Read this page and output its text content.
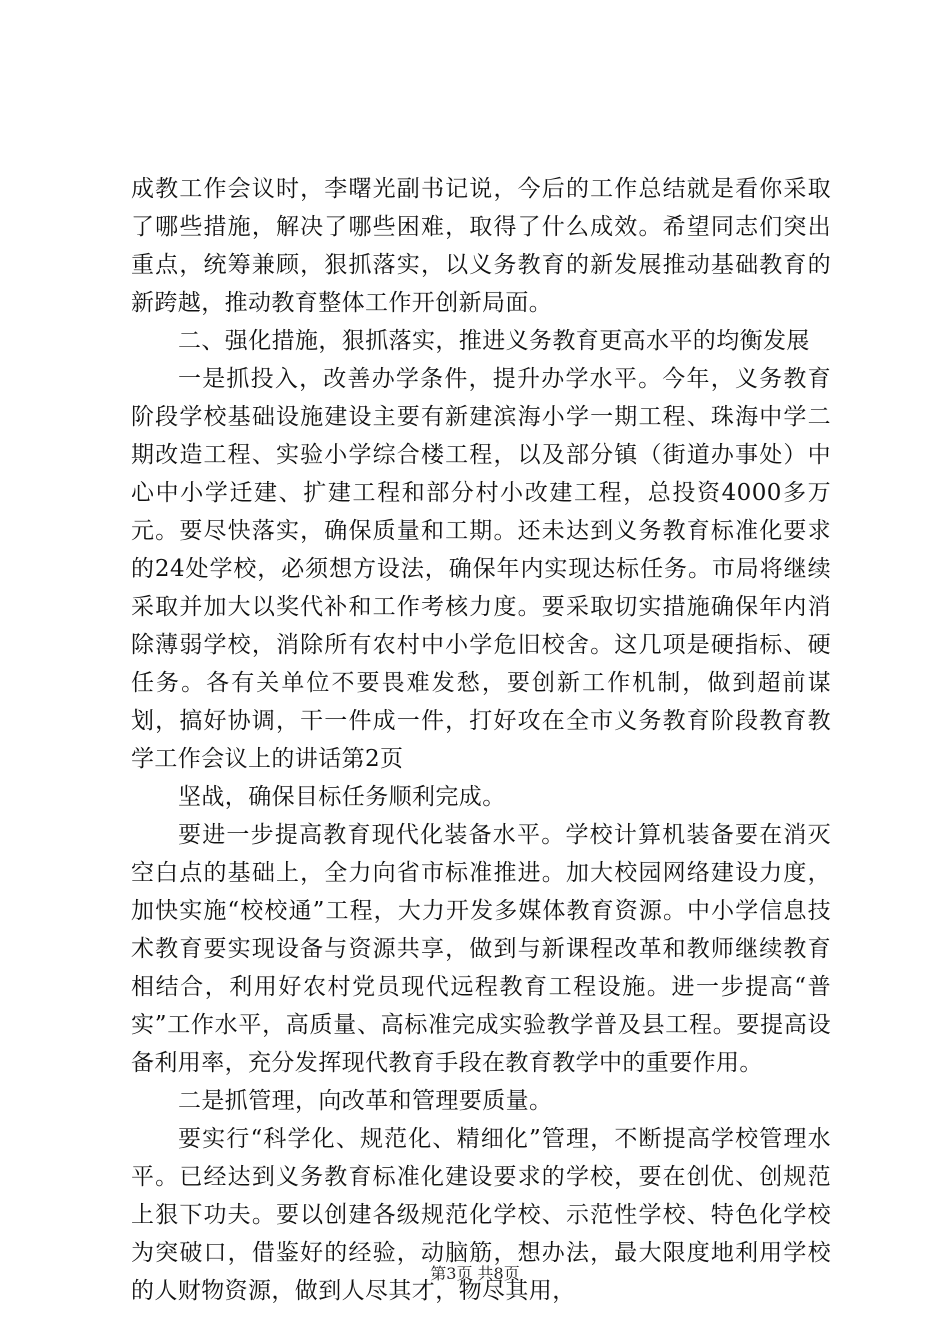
成教工作会议时，李曙光副书记说，今后的工作总结就是看你采取了哪些措施，解决了哪些困难，取得了什么成效。希望同志们突出重点，统筹兼顾，狠抓落实，以义务教育的新发展推动基础教育的新跨越，推动教育整体工作开创新局面。

二、强化措施，狠抓落实，推进义务教育更高水平的均衡发展

一是抓投入，改善办学条件，提升办学水平。今年，义务教育阶段学校基础设施建设主要有新建滨海小学一期工程、珠海中学二期改造工程、实验小学综合楼工程，以及部分镇（街道办事处）中心中小学迁建、扩建工程和部分村小改建工程，总投资4000多万元。要尽快落实，确保质量和工期。还未达到义务教育标准化要求的24处学校，必须想方设法，确保年内实现达标任务。市局将继续采取并加大以奖代补和工作考核力度。要采取切实措施确保年内消除薄弱学校，消除所有农村中小学危旧校舍。这几项是硬指标、硬任务。各有关单位不要畏难发愁，要创新工作机制，做到超前谋划，搞好协调，干一件成一件，打好攻在全市义务教育阶段教育教学工作会议上的讲话第2页

坚战，确保目标任务顺利完成。

要进一步提高教育现代化装备水平。学校计算机装备要在消灭空白点的基础上，全力向省市标准推进。加大校园网络建设力度，加快实施“校校通”工程，大力开发多媒体教育资源。中小学信息技术教育要实现设备与资源共享，做到与新课程改革和教师继续教育相结合，利用好农村党员现代远程教育工程设施。进一步提高“普实”工作水平，高质量、高标准完成实验教学普及县工程。要提高设备利用率，充分发挥现代教育手段在教育教学中的重要作用。

二是抓管理，向改革和管理要质量。

要实行“科学化、规范化、精细化”管理，不断提高学校管理水平。已经达到义务教育标准化建设要求的学校，要在创优、创规范上狠下功夫。要以创建各级规范化学校、示范性学校、特色化学校为突破口，借鉴好的经验，动脑筋，想办法，最大限度地利用学校的人财物资源，做到人尽其才，物尽其用，

第3页 共8页
